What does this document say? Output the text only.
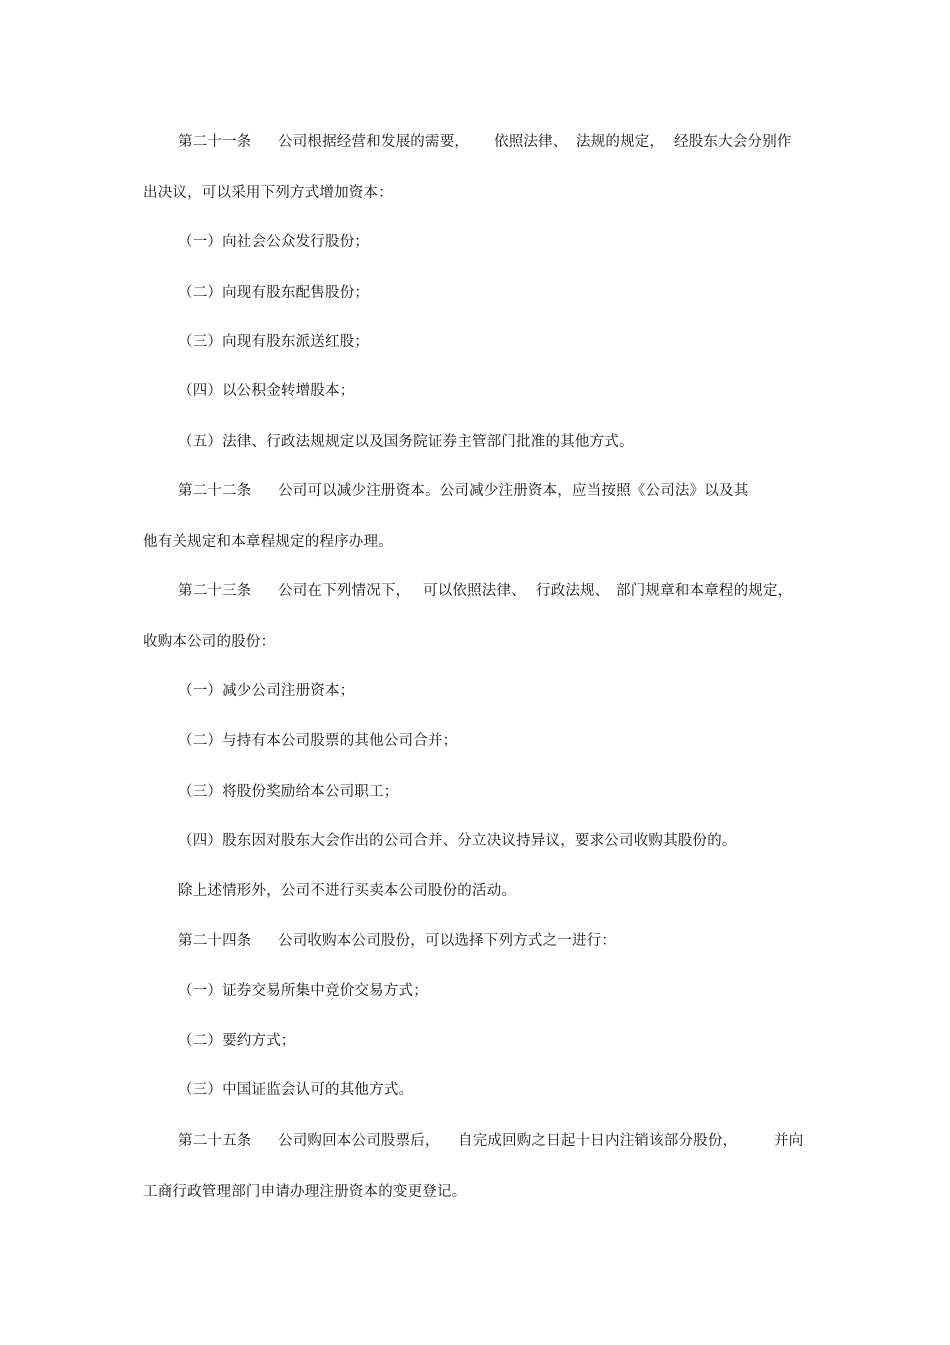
第二十一条 公司根据经营和发展的需要， 依照法律、 法规的规定， 经股东大会分别作
出决议，可以采用下列方式增加资本：
（一）向社会公众发行股份；
（二）向现有股东配售股份；
（三）向现有股东派送红股；
（四）以公积金转增股本；
（五）法律、行政法规规定以及国务院证券主管部门批准的其他方式。
第二十二条 公司可以减少注册资本。公司减少注册资本，应当按照《公司法》以及其
他有关规定和本章程规定的程序办理。
第二十三条 公司在下列情况下， 可以依照法律、 行政法规、 部门规章和本章程的规定，
收购本公司的股份：
（一）减少公司注册资本；
（二）与持有本公司股票的其他公司合并；
（三）将股份奖励给本公司职工；
（四）股东因对股东大会作出的公司合并、分立决议持异议，要求公司收购其股份的。
除上述情形外，公司不进行买卖本公司股份的活动。
第二十四条 公司收购本公司股份，可以选择下列方式之一进行：
（一）证券交易所集中竞价交易方式；
（二）要约方式；
（三）中国证监会认可的其他方式。
第二十五条 公司购回本公司股票后， 自完成回购之日起十日内注销该部分股份，	并向
工商行政管理部门申请办理注册资本的变更登记。
